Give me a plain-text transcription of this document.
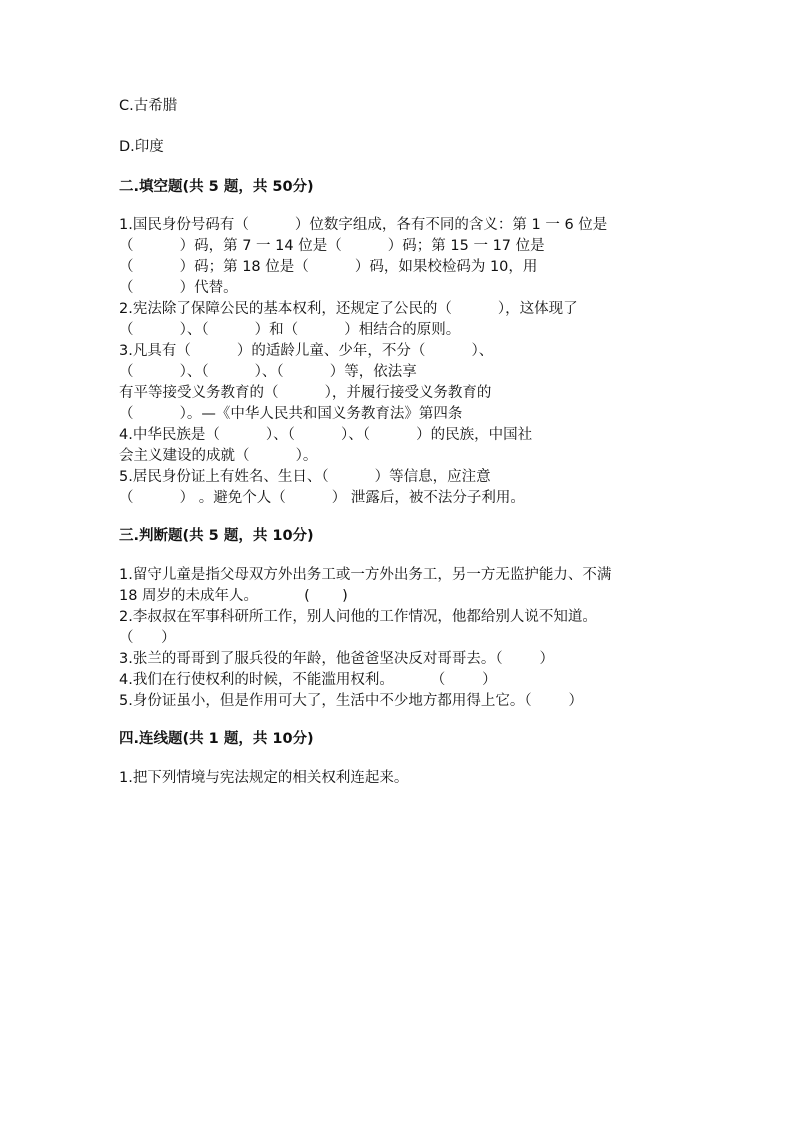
C.古希腊
D.印度
二.填空题(共 5 题，共 50分)
1.国民身份号码有（          ）位数字组成，各有不同的含义：第 1 一 6 位是
（          ）码，第 7 一 14 位是（          ）码；第 15 一 17 位是
（          ）码；第 18 位是（          ）码，如果校检码为 10，用
（          ）代替。
2.宪法除了保障公民的基本权利，还规定了公民的（          ），这体现了
（          ）、（          ）和（          ）相结合的原则。
3.凡具有（          ）的适龄儿童、少年，不分（          ）、
（          ）、（          ）、（          ）等，依法享
有平等接受义务教育的（          ），并履行接受义务教育的
（          ）。—《中华人民共和国义务教育法》第四条
4.中华民族是（          ）、（          ）、（          ）的民族，中国社
会主义建设的成就（          ）。
5.居民身份证上有姓名、生日、（          ）等信息，应注意
（          ） 。避免个人（          ） 泄露后，被不法分子利用。
三.判断题(共 5 题，共 10分)
1.留守儿童是指父母双方外出务工或一方外出务工，另一方无监护能力、不满
18 周岁的未成年人。          (       )
2.李叔叔在军事科研所工作，别人问他的工作情况，他都给别人说不知道。
（      ）
3.张兰的哥哥到了服兵役的年龄，他爸爸坚决反对哥哥去。（        ）
4.我们在行使权利的时候，不能滥用权利。        （        ）
5.身份证虽小，但是作用可大了，生活中不少地方都用得上它。（        ）
四.连线题(共 1 题，共 10分)
1.把下列情境与宪法规定的相关权利连起来。
